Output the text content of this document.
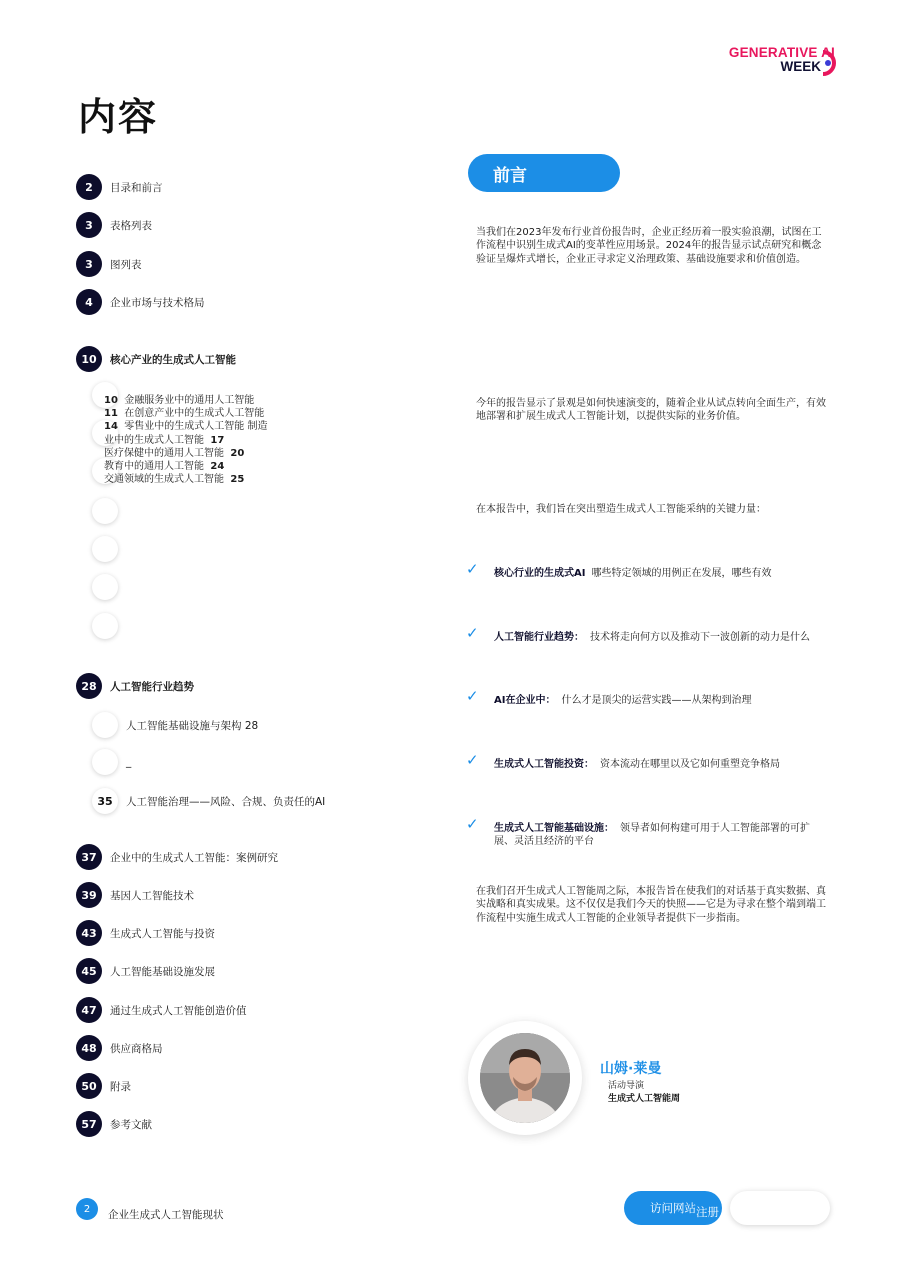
GENERATIVE AI
WEEK
内容
2	目录和前言
3	表格列表
3	图列表
4	企业市场与技术格局
10	核心产业的生成式人工智能
10 金融服务业中的通用人工智能
11 在创意产业中的生成式人工智能
14 零售业中的生成式人工智能 制造
业中的生成式人工智能 17
医疗保健中的通用人工智能 20
教育中的通用人工智能 24
交通领域的生成式人工智能 25
28	人工智能行业趋势
人工智能基础设施与架构 28
_
35	人工智能治理——风险、合规、负责任的AI
37	企业中的生成式人工智能：案例研究
39	基因人工智能技术
43	生成式人工智能与投资
45	人工智能基础设施发展
47	通过生成式人工智能创造价值
48	供应商格局
50	附录
57	参考文献
前言
当我们在2023年发布行业首份报告时，企业正经历着一股实验浪潮，试图在工作流程中识别生成式AI的变革性应用场景。2024年的报告显示试点研究和概念验证呈爆炸式增长，企业正寻求定义治理政策、基础设施要求和价值创造。
今年的报告显示了景观是如何快速演变的，随着企业从试点转向全面生产，有效地部署和扩展生成式人工智能计划，以提供实际的业务价值。
在本报告中，我们旨在突出塑造生成式人工智能采纳的关键力量：
✓	核心行业的生成式AI 哪些特定领域的用例正在发展，哪些有效
✓	人工智能行业趋势： 技术将走向何方以及推动下一波创新的动力是什么
✓	AI在企业中： 什么才是顶尖的运营实践——从架构到治理
✓	生成式人工智能投资： 资本流动在哪里以及它如何重塑竞争格局
✓	生成式人工智能基础设施： 领导者如何构建可用于人工智能部署的可扩展、灵活且经济的平台
在我们召开生成式人工智能周之际，本报告旨在使我们的对话基于真实数据、真实战略和真实成果。这不仅仅是我们今天的快照——它是为寻求在整个端到端工作流程中实施生成式人工智能的企业领导者提供下一步指南。
山姆·莱曼
活动导演
生成式人工智能周
2	企业生成式人工智能现状	访问网站 注册
